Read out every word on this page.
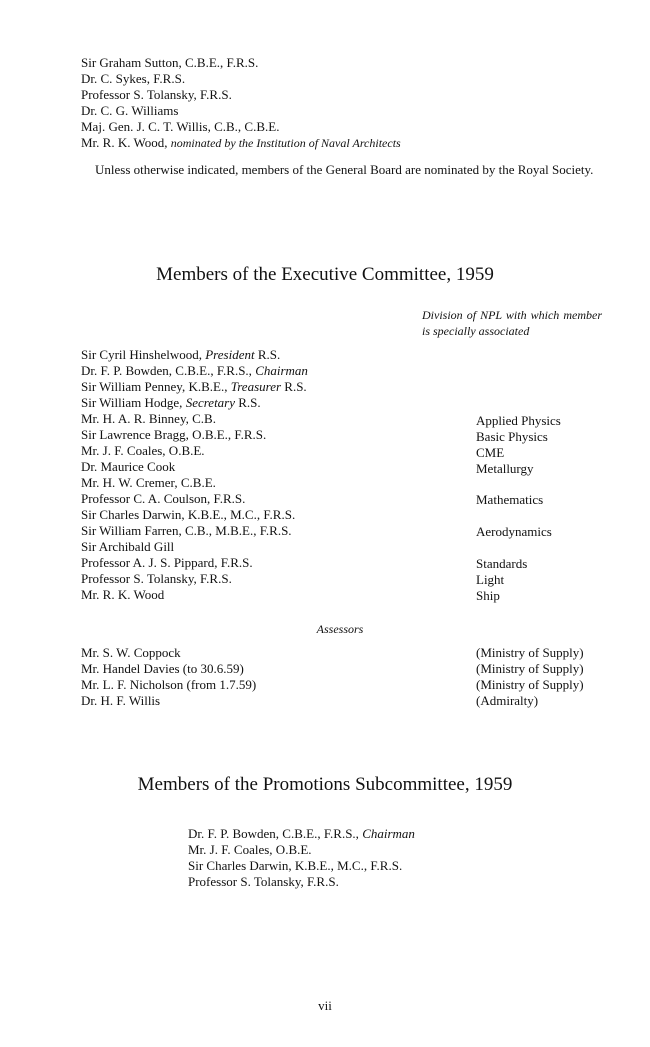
Sir Graham Sutton, C.B.E., F.R.S.
Dr. C. Sykes, F.R.S.
Professor S. Tolansky, F.R.S.
Dr. C. G. Williams
Maj. Gen. J. C. T. Willis, C.B., C.B.E.
Mr. R. K. Wood, nominated by the Institution of Naval Architects
Unless otherwise indicated, members of the General Board are nominated by the Royal Society.
Members of the Executive Committee, 1959
Division of NPL with which member is specially associated
Sir Cyril Hinshelwood, President R.S.
Dr. F. P. Bowden, C.B.E., F.R.S., Chairman
Sir William Penney, K.B.E., Treasurer R.S.
Sir William Hodge, Secretary R.S.
Mr. H. A. R. Binney, C.B.
Sir Lawrence Bragg, O.B.E., F.R.S.
Mr. J. F. Coales, O.B.E.
Dr. Maurice Cook
Mr. H. W. Cremer, C.B.E.
Professor C. A. Coulson, F.R.S.
Sir Charles Darwin, K.B.E., M.C., F.R.S.
Sir William Farren, C.B., M.B.E., F.R.S.
Sir Archibald Gill
Professor A. J. S. Pippard, F.R.S.
Professor S. Tolansky, F.R.S.
Mr. R. K. Wood
Applied Physics
Basic Physics
CME
Metallurgy
Mathematics
Aerodynamics
Standards
Light
Ship
Assessors
Mr. S. W. Coppock
Mr. Handel Davies (to 30.6.59)
Mr. L. F. Nicholson (from 1.7.59)
Dr. H. F. Willis
(Ministry of Supply)
(Ministry of Supply)
(Ministry of Supply)
(Admiralty)
Members of the Promotions Subcommittee, 1959
Dr. F. P. Bowden, C.B.E., F.R.S., Chairman
Mr. J. F. Coales, O.B.E.
Sir Charles Darwin, K.B.E., M.C., F.R.S.
Professor S. Tolansky, F.R.S.
vii
